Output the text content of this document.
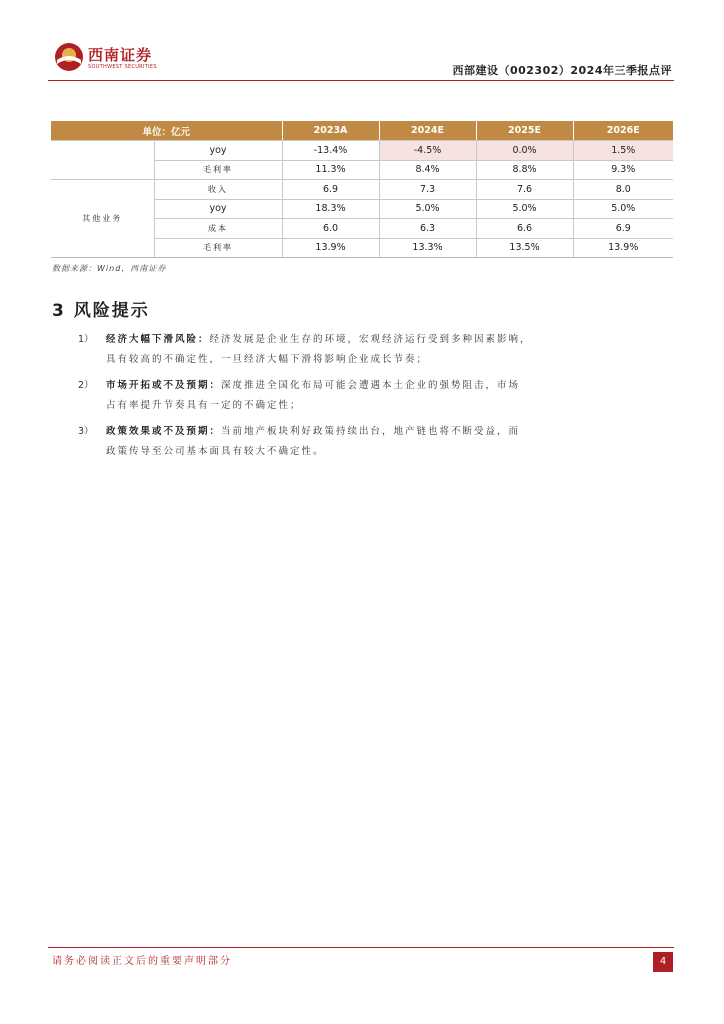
西南证券
SOUTHWEST SECURITIES	西部建设（002302）2024年三季报点评
单位：亿元		2023A	2024E	2025E	2026E
	yoy	-13.4%	-4.5%	0.0%	1.5%
	毛利率	11.3%	8.4%	8.8%	9.3%
其他业务	收入	6.9	7.3	7.6	8.0
	yoy	18.3%	5.0%	5.0%	5.0%
	成本	6.0	6.3	6.6	6.9
	毛利率	13.9%	13.3%	13.5%	13.9%
数据来源：Wind，西南证券
3 风险提示
1） 经济大幅下滑风险：经济发展是企业生存的环境，宏观经济运行受到多种因素影响，
具有较高的不确定性，一旦经济大幅下滑将影响企业成长节奏；
2） 市场开拓或不及预期：深度推进全国化布局可能会遭遇本土企业的强势阻击，市场
占有率提升节奏具有一定的不确定性；
3） 政策效果或不及预期：当前地产板块利好政策持续出台，地产链也将不断受益，而
政策传导至公司基本面具有较大不确定性。
请务必阅读正文后的重要声明部分	4
